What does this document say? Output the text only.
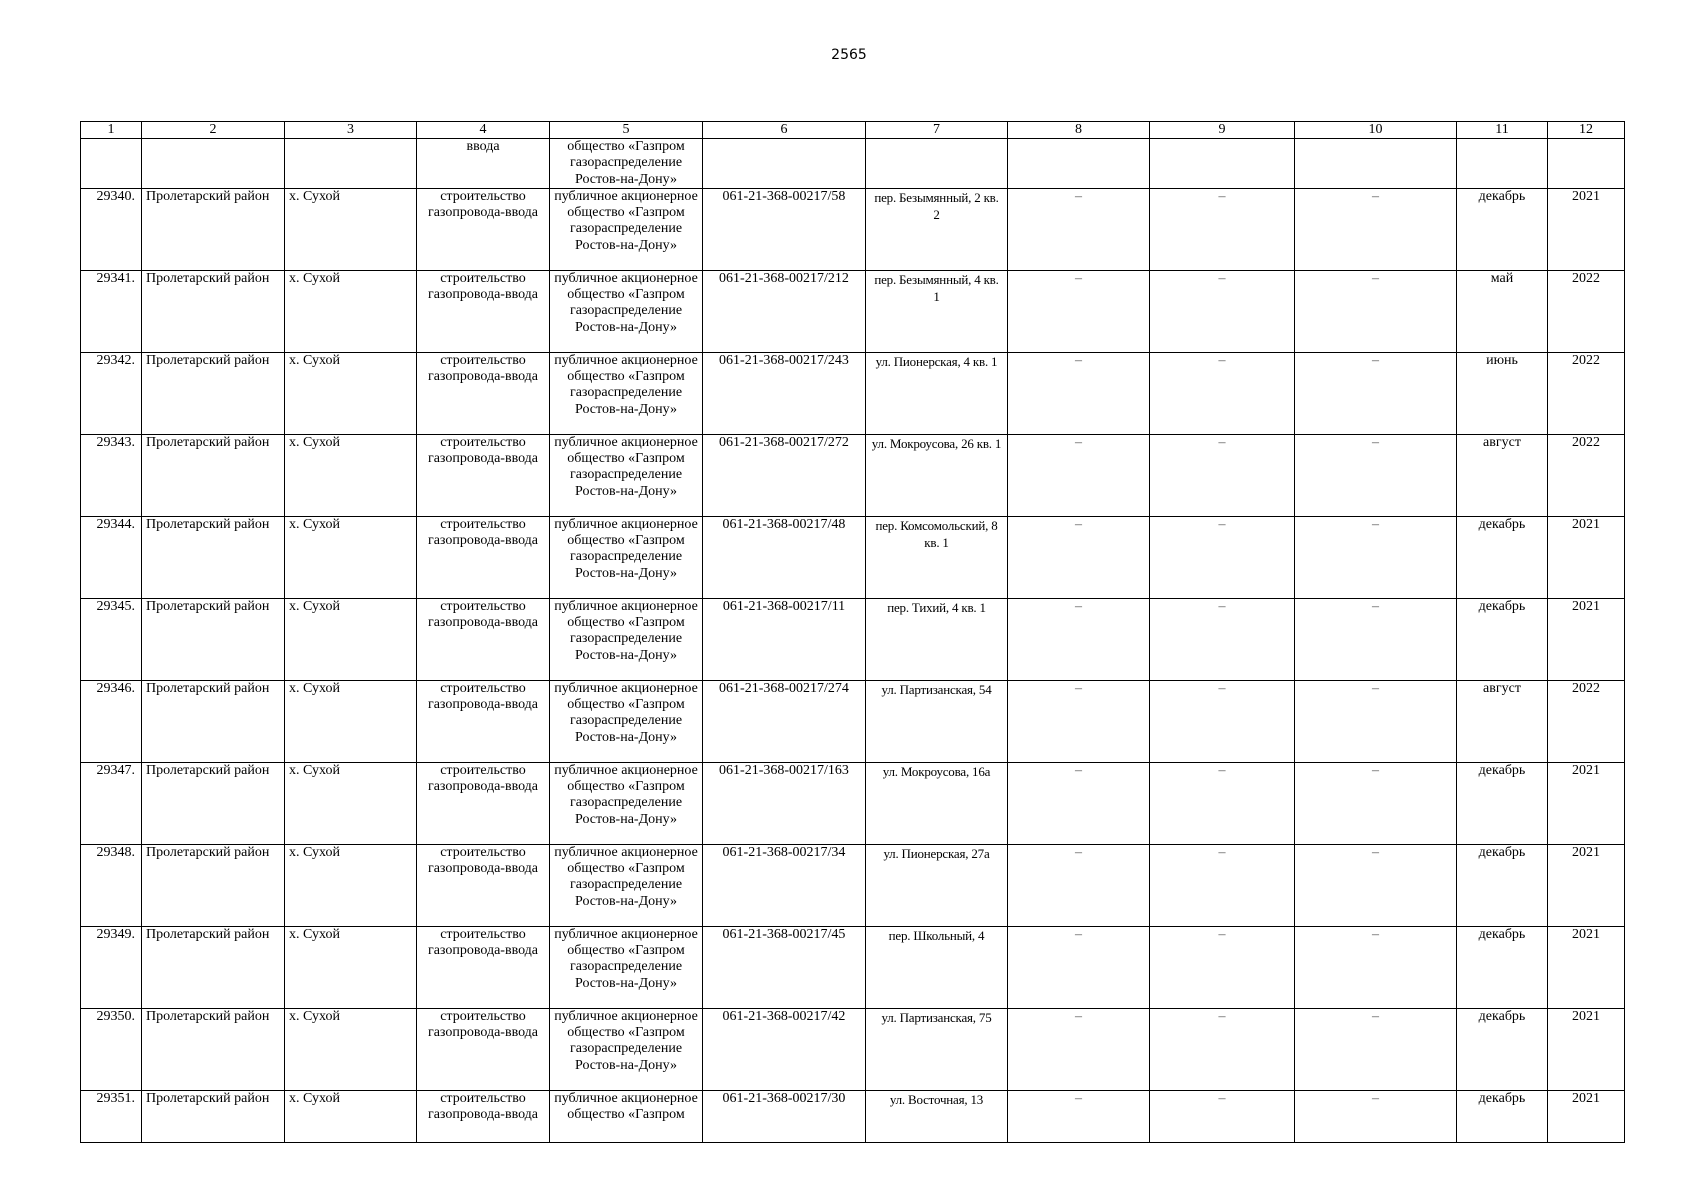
2565
1	2	3	4	5	6	7	8	9	10	11	12
			ввода	общество «Газпром газораспределение Ростов-на-Дону»							
29340.	Пролетарский район	х. Сухой	строительство газопровода-ввода	публичное акционерное общество «Газпром газораспределение Ростов-на-Дону»	061-21-368-00217/58	пер. Безымянный, 2 кв. 2	–	–	–	декабрь	2021
29341.	Пролетарский район	х. Сухой	строительство газопровода-ввода	публичное акционерное общество «Газпром газораспределение Ростов-на-Дону»	061-21-368-00217/212	пер. Безымянный, 4 кв. 1	–	–	–	май	2022
29342.	Пролетарский район	х. Сухой	строительство газопровода-ввода	публичное акционерное общество «Газпром газораспределение Ростов-на-Дону»	061-21-368-00217/243	ул. Пионерская, 4 кв. 1	–	–	–	июнь	2022
29343.	Пролетарский район	х. Сухой	строительство газопровода-ввода	публичное акционерное общество «Газпром газораспределение Ростов-на-Дону»	061-21-368-00217/272	ул. Мокроусова, 26 кв. 1	–	–	–	август	2022
29344.	Пролетарский район	х. Сухой	строительство газопровода-ввода	публичное акционерное общество «Газпром газораспределение Ростов-на-Дону»	061-21-368-00217/48	пер. Комсомольский, 8 кв. 1	–	–	–	декабрь	2021
29345.	Пролетарский район	х. Сухой	строительство газопровода-ввода	публичное акционерное общество «Газпром газораспределение Ростов-на-Дону»	061-21-368-00217/11	пер. Тихий, 4 кв. 1	–	–	–	декабрь	2021
29346.	Пролетарский район	х. Сухой	строительство газопровода-ввода	публичное акционерное общество «Газпром газораспределение Ростов-на-Дону»	061-21-368-00217/274	ул. Партизанская, 54	–	–	–	август	2022
29347.	Пролетарский район	х. Сухой	строительство газопровода-ввода	публичное акционерное общество «Газпром газораспределение Ростов-на-Дону»	061-21-368-00217/163	ул. Мокроусова, 16а	–	–	–	декабрь	2021
29348.	Пролетарский район	х. Сухой	строительство газопровода-ввода	публичное акционерное общество «Газпром газораспределение Ростов-на-Дону»	061-21-368-00217/34	ул. Пионерская, 27а	–	–	–	декабрь	2021
29349.	Пролетарский район	х. Сухой	строительство газопровода-ввода	публичное акционерное общество «Газпром газораспределение Ростов-на-Дону»	061-21-368-00217/45	пер. Школьный, 4	–	–	–	декабрь	2021
29350.	Пролетарский район	х. Сухой	строительство газопровода-ввода	публичное акционерное общество «Газпром газораспределение Ростов-на-Дону»	061-21-368-00217/42	ул. Партизанская, 75	–	–	–	декабрь	2021
29351.	Пролетарский район	х. Сухой	строительство газопровода-ввода	публичное акционерное общество «Газпром	061-21-368-00217/30	ул. Восточная, 13	–	–	–	декабрь	2021
